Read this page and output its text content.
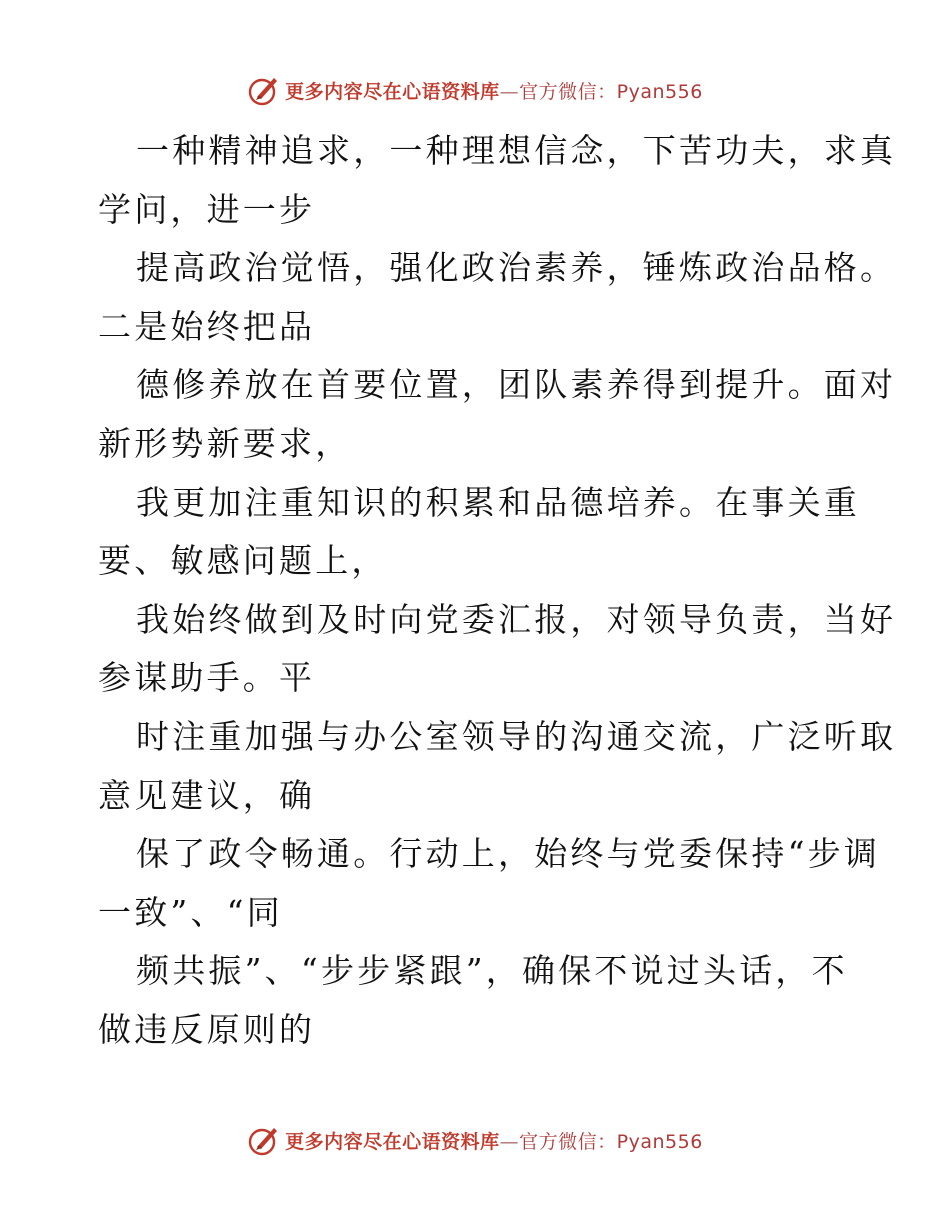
更多内容尽在心语资料库—官方微信：Pyan556
一种精神追求，一种理想信念，下苦功夫，求真
学问，进一步
提高政治觉悟，强化政治素养，锤炼政治品格。
二是始终把品
德修养放在首要位置，团队素养得到提升。面对
新形势新要求，
我更加注重知识的积累和品德培养。在事关重
要、敏感问题上，
我始终做到及时向党委汇报，对领导负责，当好
参谋助手。平
时注重加强与办公室领导的沟通交流，广泛听取
意见建议，确
保了政令畅通。行动上，始终与党委保持“步调
一致”、“同
频共振”、“步步紧跟”，确保不说过头话，不
做违反原则的
更多内容尽在心语资料库—官方微信：Pyan556
